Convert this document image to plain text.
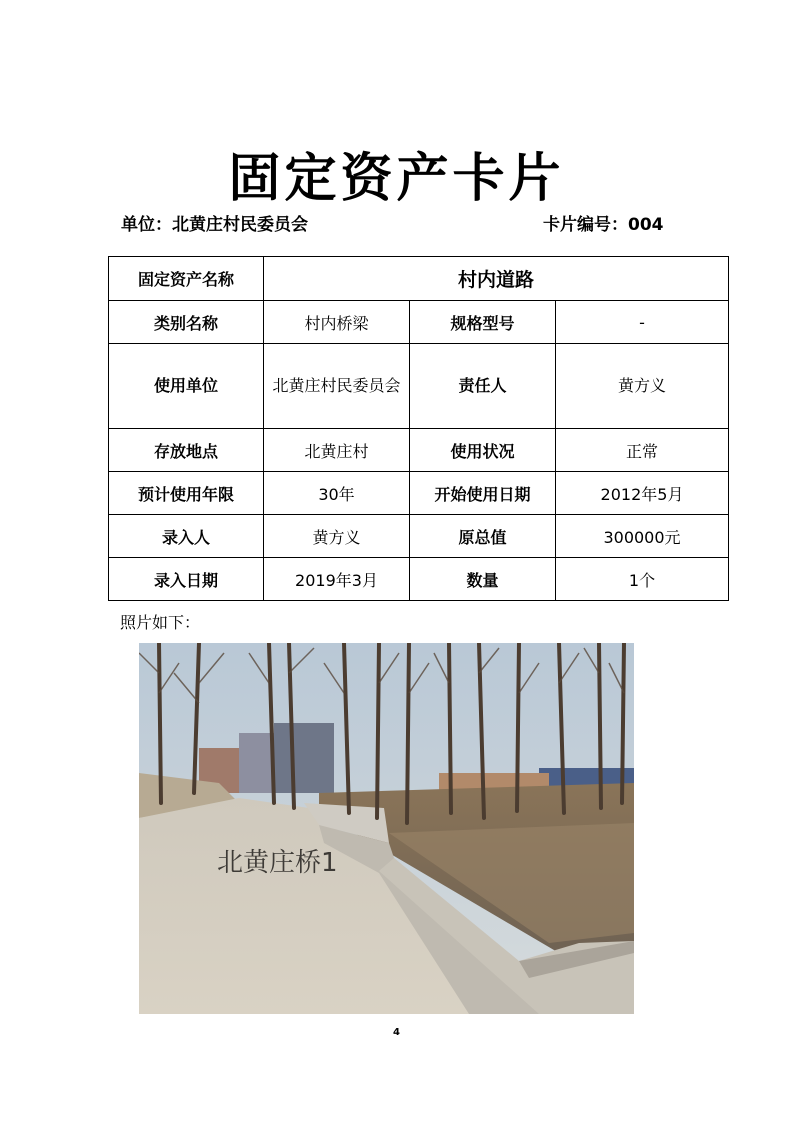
固定资产卡片
单位：北黄庄村民委员会	卡片编号：004
固定资产名称	村内道路		
类别名称	村内桥梁	规格型号	-
使用单位	北黄庄村民委员会	责任人	黄方义
存放地点	北黄庄村	使用状况	正常
预计使用年限	30年	开始使用日期	2012年5月
录入人	黄方义	原总值	300000元
录入日期	2019年3月	数量	1个
照片如下：
北黄庄桥1
4
